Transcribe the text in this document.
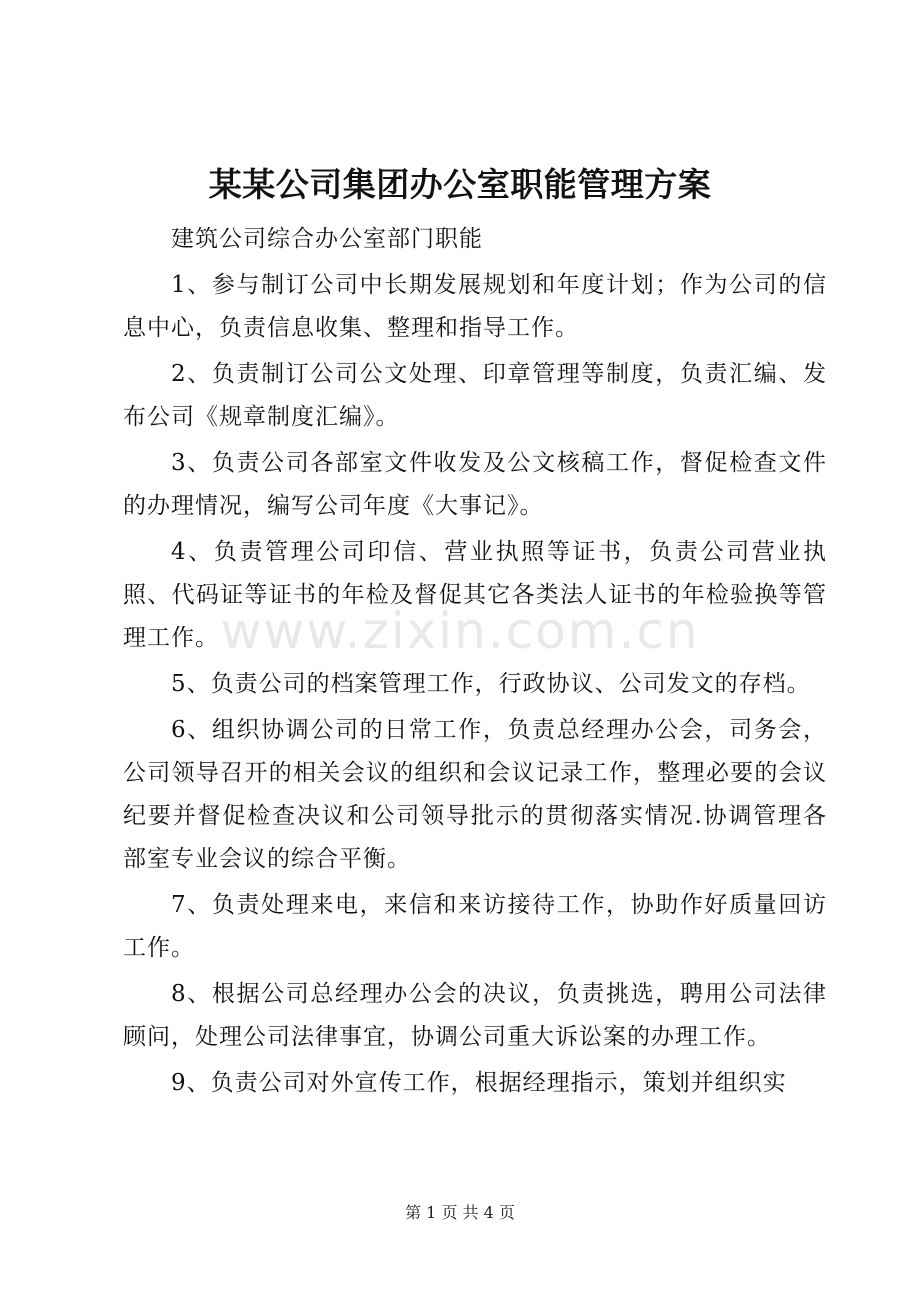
某某公司集团办公室职能管理方案

建筑公司综合办公室部门职能

1、参与制订公司中长期发展规划和年度计划；作为公司的信息中心，负责信息收集、整理和指导工作。

2、负责制订公司公文处理、印章管理等制度，负责汇编、发布公司《规章制度汇编》。

3、负责公司各部室文件收发及公文核稿工作，督促检查文件的办理情况，编写公司年度《大事记》。

4、负责管理公司印信、营业执照等证书，负责公司营业执照、代码证等证书的年检及督促其它各类法人证书的年检验换等管理工作。

5、负责公司的档案管理工作，行政协议、公司发文的存档。

6、组织协调公司的日常工作，负责总经理办公会，司务会，公司领导召开的相关会议的组织和会议记录工作，整理必要的会议纪要并督促检查决议和公司领导批示的贯彻落实情况.协调管理各部室专业会议的综合平衡。

7、负责处理来电，来信和来访接待工作，协助作好质量回访工作。

8、根据公司总经理办公会的决议，负责挑选，聘用公司法律顾问，处理公司法律事宜，协调公司重大诉讼案的办理工作。

9、负责公司对外宣传工作，根据经理指示，策划并组织实

www.zixin.com.cn
第 1 页 共 4 页
